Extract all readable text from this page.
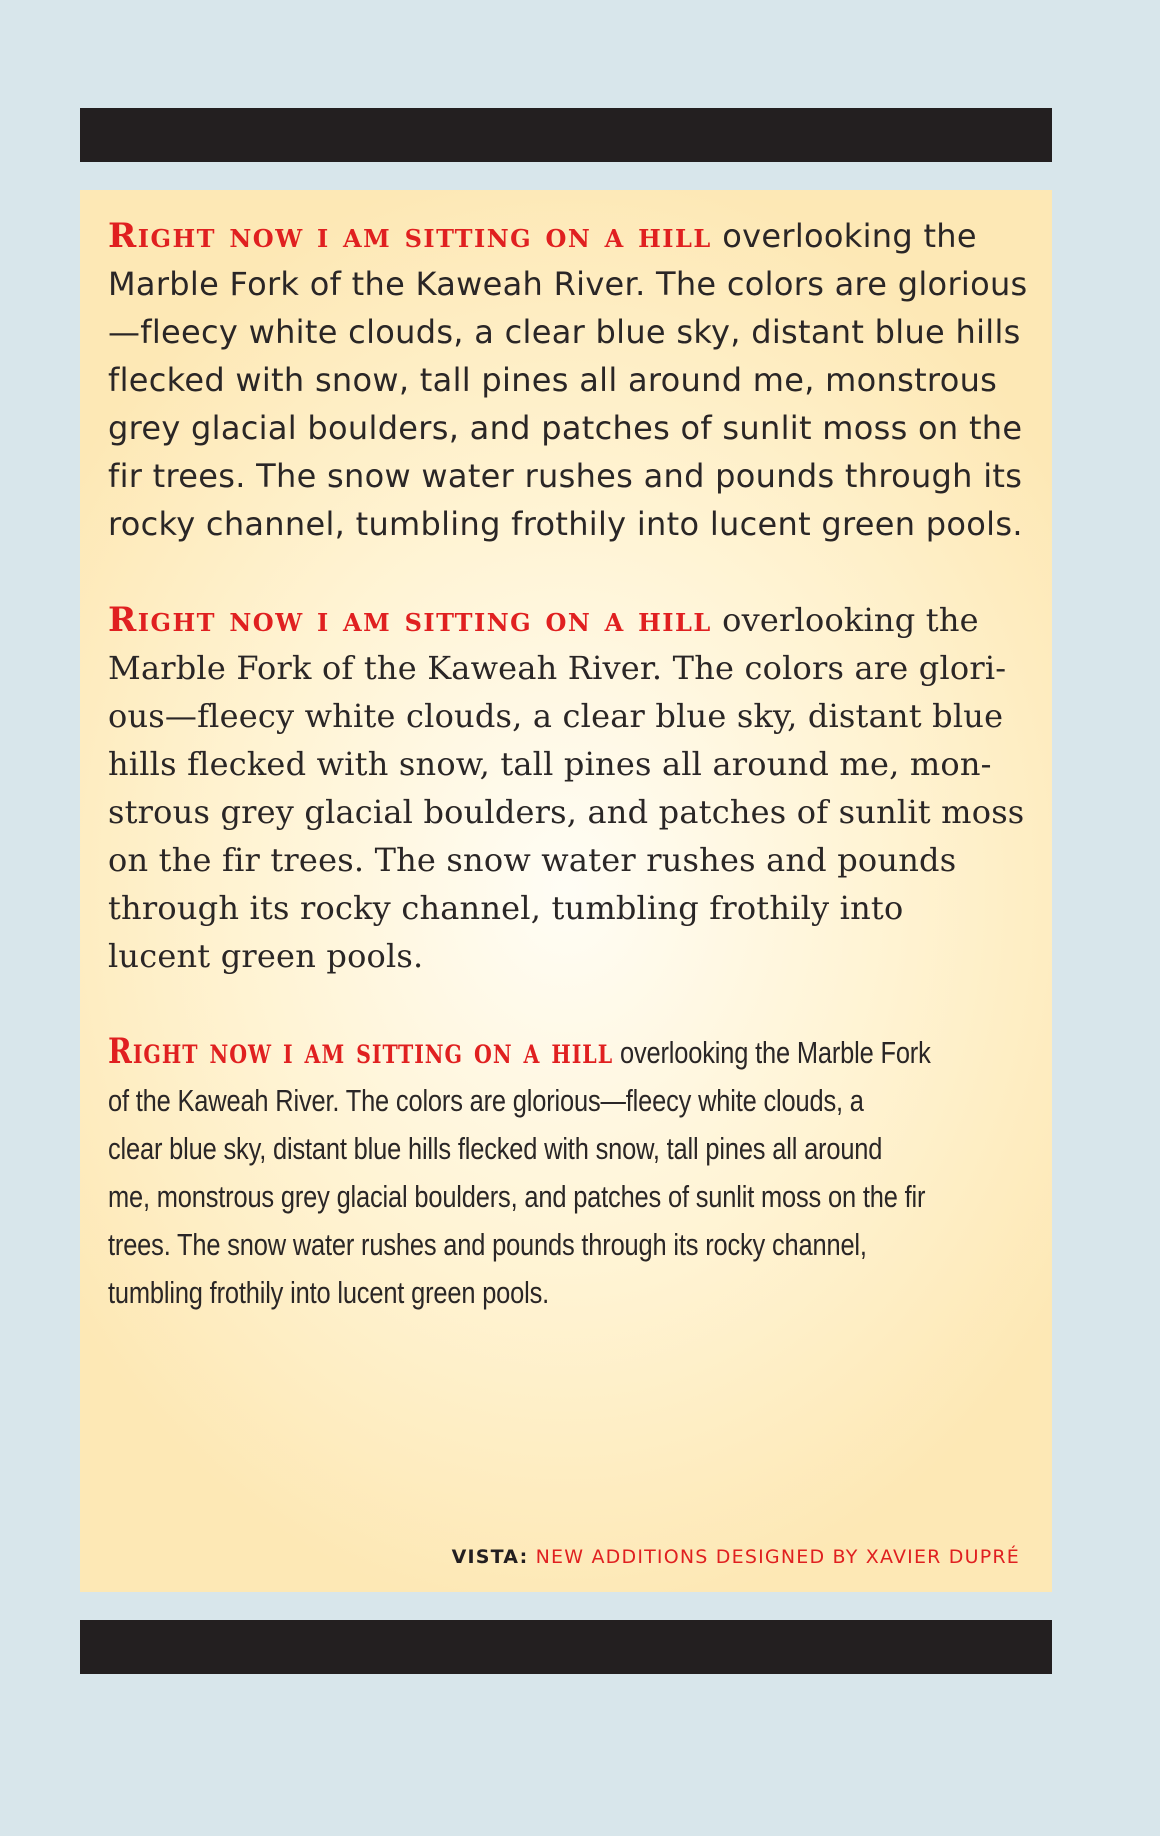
Right now i am sitting on a hill overlooking the
Marble Fork of the Kaweah River. The colors are glorious
—fleecy white clouds, a clear blue sky, distant blue hills
flecked with snow, tall pines all around me, monstrous
grey glacial boulders, and patches of sunlit moss on the
fir trees. The snow water rushes and pounds through its
rocky channel, tumbling frothily into lucent green pools.

Right now i am sitting on a hill overlooking the
Marble Fork of the Kaweah River. The colors are glori-
ous—fleecy white clouds, a clear blue sky, distant blue
hills flecked with snow, tall pines all around me, mon-
strous grey glacial boulders, and patches of sunlit moss
on the fir trees. The snow water rushes and pounds
through its rocky channel, tumbling frothily into
lucent green pools.

Right now i am sitting on a hill overlooking the Marble Fork
of the Kaweah River. The colors are glorious—fleecy white clouds, a
clear blue sky, distant blue hills flecked with snow, tall pines all around
me, monstrous grey glacial boulders, and patches of sunlit moss on the fir
trees. The snow water rushes and pounds through its rocky channel,
tumbling frothily into lucent green pools.

VISTA: NEW ADDITIONS DESIGNED BY XAVIER DUPRÉ
